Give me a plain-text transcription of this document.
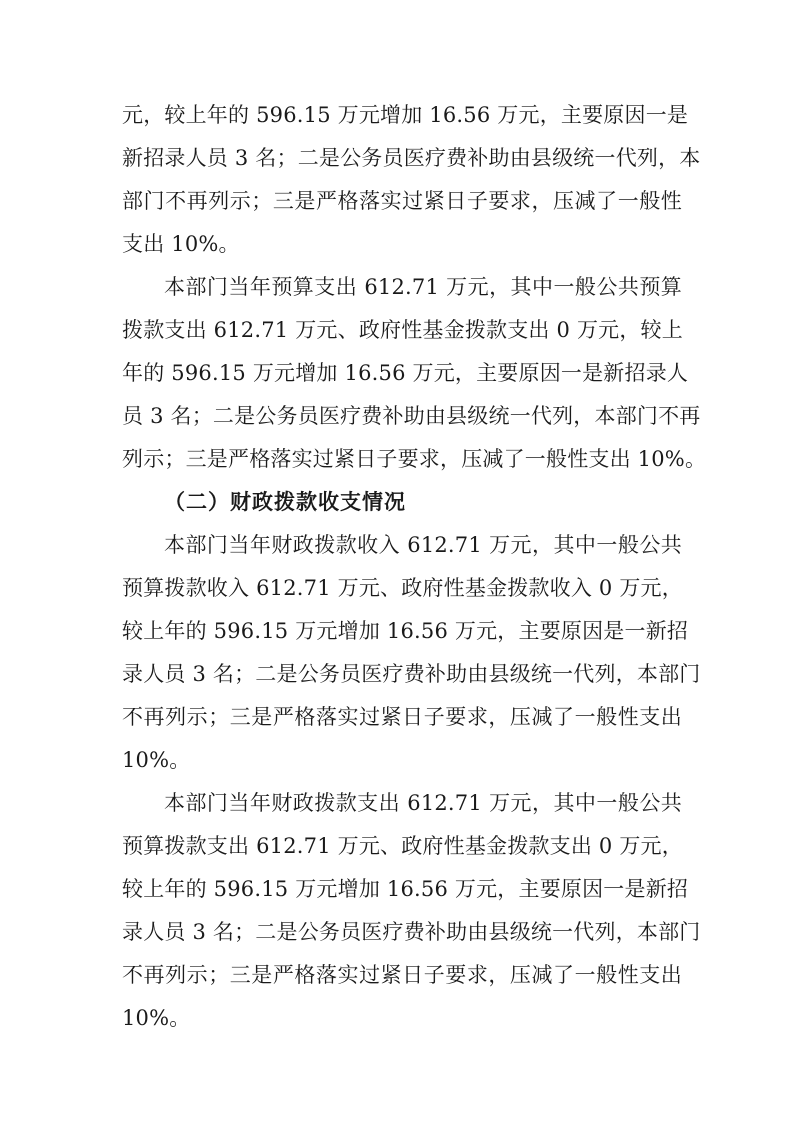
元，较上年的 596.15 万元增加 16.56 万元，主要原因一是
新招录人员 3 名；二是公务员医疗费补助由县级统一代列，本
部门不再列示；三是严格落实过紧日子要求，压减了一般性
支出 10%。
本部门当年预算支出 612.71 万元，其中一般公共预算
拨款支出 612.71 万元、政府性基金拨款支出 0 万元，较上
年的 596.15 万元增加 16.56 万元，主要原因一是新招录人
员 3 名；二是公务员医疗费补助由县级统一代列，本部门不再
列示；三是严格落实过紧日子要求，压减了一般性支出 10%。
（二）财政拨款收支情况
本部门当年财政拨款收入 612.71 万元，其中一般公共
预算拨款收入 612.71 万元、政府性基金拨款收入 0 万元，
较上年的 596.15 万元增加 16.56 万元，主要原因是一新招
录人员 3 名；二是公务员医疗费补助由县级统一代列，本部门
不再列示；三是严格落实过紧日子要求，压减了一般性支出
10%。
本部门当年财政拨款支出 612.71 万元，其中一般公共
预算拨款支出 612.71 万元、政府性基金拨款支出 0 万元，
较上年的 596.15 万元增加 16.56 万元，主要原因一是新招
录人员 3 名；二是公务员医疗费补助由县级统一代列，本部门
不再列示；三是严格落实过紧日子要求，压减了一般性支出
10%。
